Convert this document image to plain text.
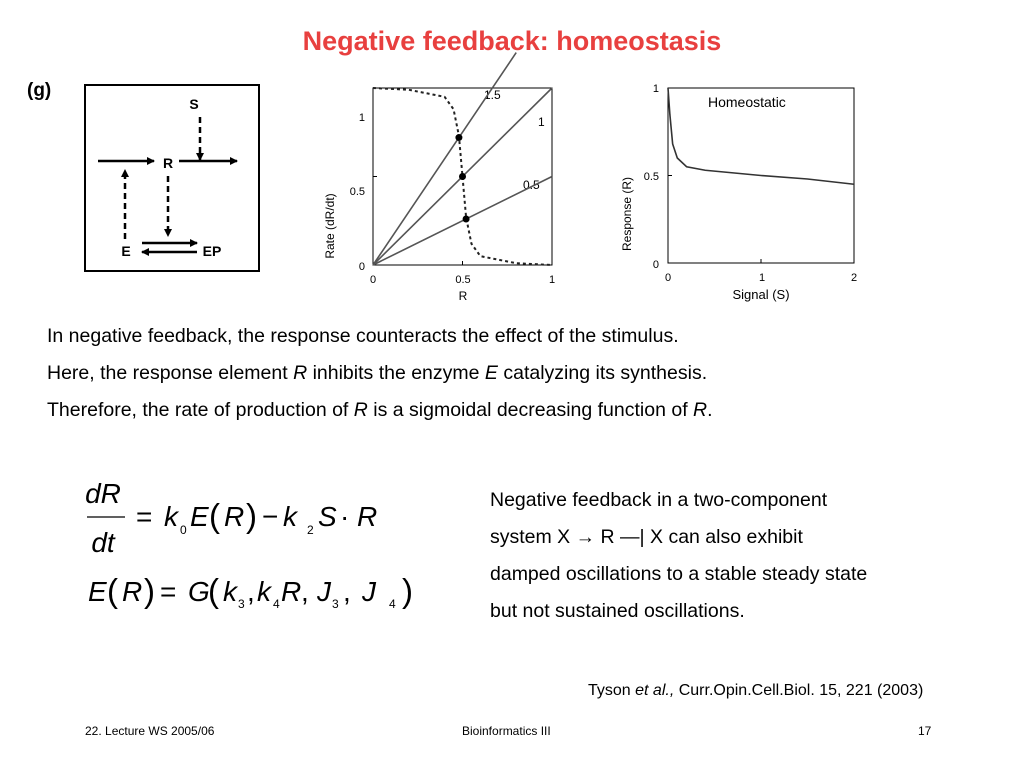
Negative feedback: homeostasis
(g)
S
R
E	EP	Rate (dR/dt)
R
0	0.5	1
0
0.5
1
1.5
1
0.5	Response (R)
Signal (S)
0	1	2
0
0.5
1
Homeostatic

In negative feedback, the response counteracts the effect of the stimulus.

Here, the response element R inhibits the enzyme E catalyzing its synthesis.

Therefore, the rate of production of R is a sigmoidal decreasing function of R.

dR
dt
= k 0 E ( R ) − k 2 S · R
E ( R ) = G
( k 3 , k 4 R , J 3 , J 4 )
Negative feedback in a two-component
system X → R —| X can also exhibit
damped oscillations to a stable steady state
but not sustained oscillations.
Tyson et al., Curr.Opin.Cell.Biol. 15, 221 (2003)
22. Lecture WS 2005/06	Bioinformatics III	17
